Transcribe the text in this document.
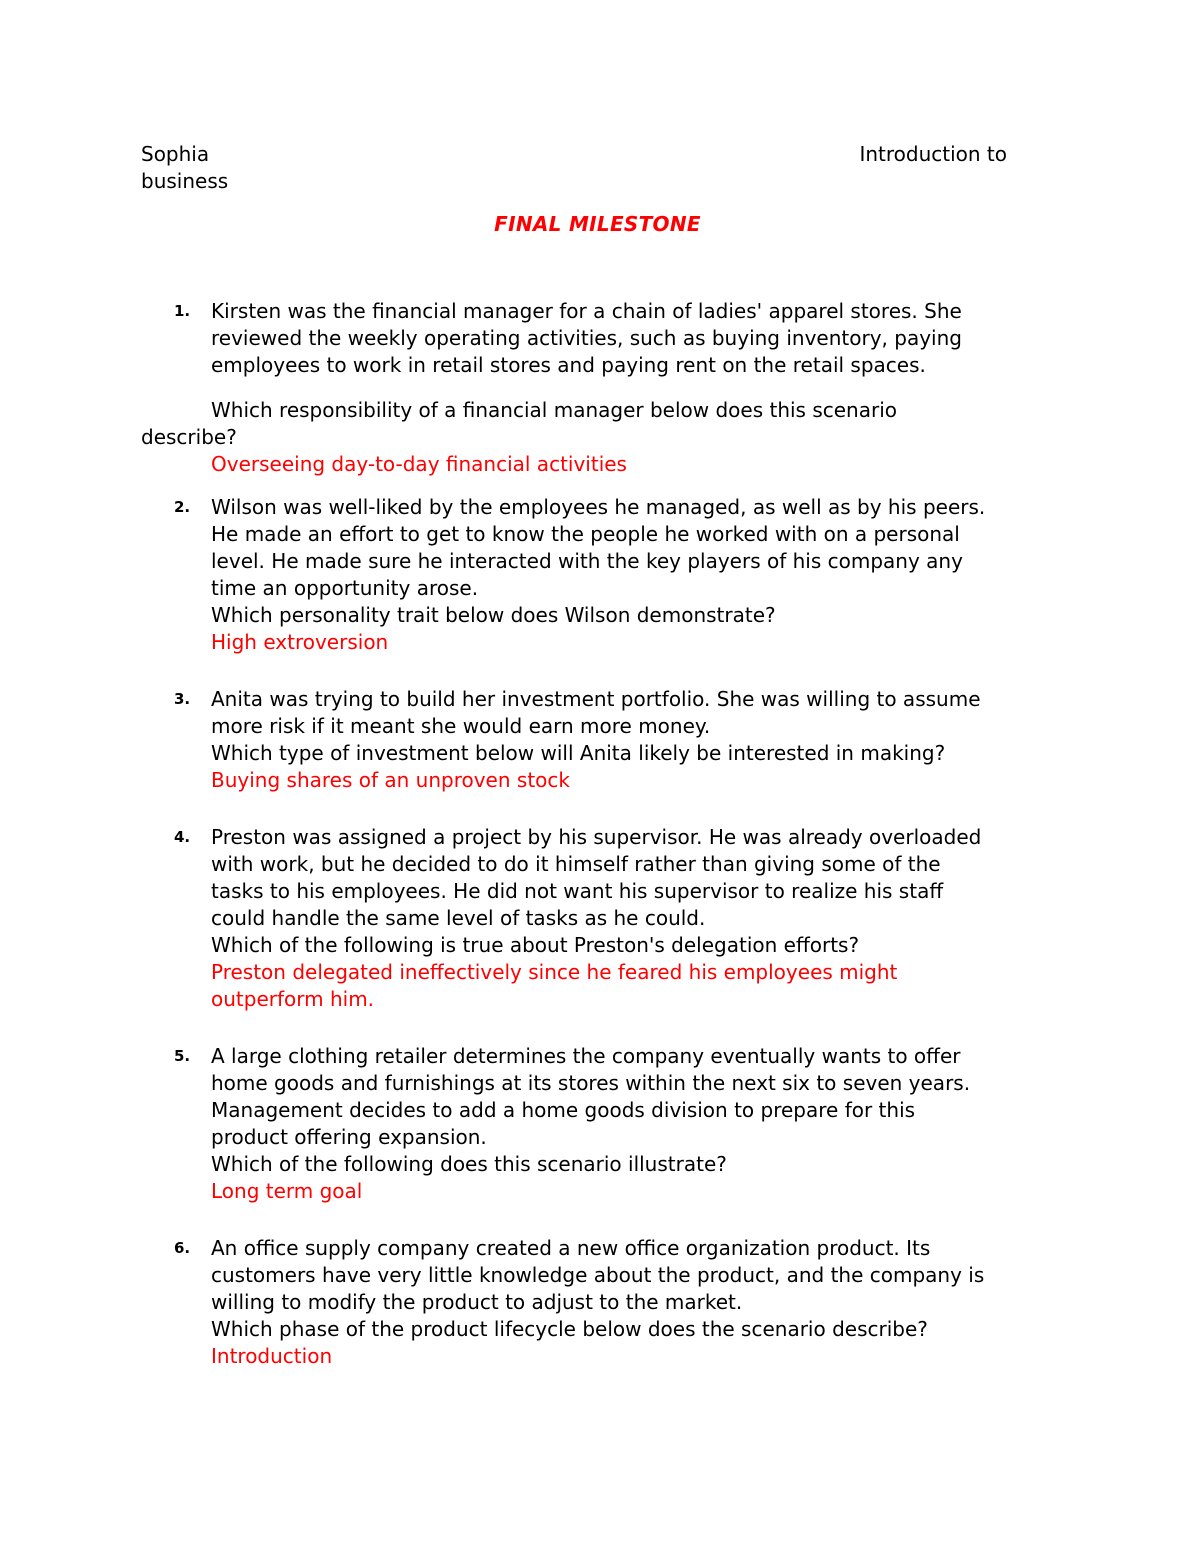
Sophia	Introduction to
business
FINAL MILESTONE
1. Kirsten was the financial manager for a chain of ladies' apparel stores. She

reviewed the weekly operating activities, such as buying inventory, paying

employees to work in retail stores and paying rent on the retail spaces.

Which responsibility of a financial manager below does this scenario
describe?
Overseeing day-to-day financial activities
2. Wilson was well-liked by the employees he managed, as well as by his peers.

He made an effort to get to know the people he worked with on a personal

level. He made sure he interacted with the key players of his company any

time an opportunity arose.

Which personality trait below does Wilson demonstrate?

High extroversion

3. Anita was trying to build her investment portfolio. She was willing to assume

more risk if it meant she would earn more money.

Which type of investment below will Anita likely be interested in making?

Buying shares of an unproven stock

4. Preston was assigned a project by his supervisor. He was already overloaded

with work, but he decided to do it himself rather than giving some of the

tasks to his employees. He did not want his supervisor to realize his staff

could handle the same level of tasks as he could.

Which of the following is true about Preston's delegation efforts?

Preston delegated ineffectively since he feared his employees might

outperform him.

5. A large clothing retailer determines the company eventually wants to offer

home goods and furnishings at its stores within the next six to seven years.

Management decides to add a home goods division to prepare for this

product offering expansion.

Which of the following does this scenario illustrate?

Long term goal

6. An office supply company created a new office organization product. Its

customers have very little knowledge about the product, and the company is

willing to modify the product to adjust to the market.

Which phase of the product lifecycle below does the scenario describe?

Introduction
